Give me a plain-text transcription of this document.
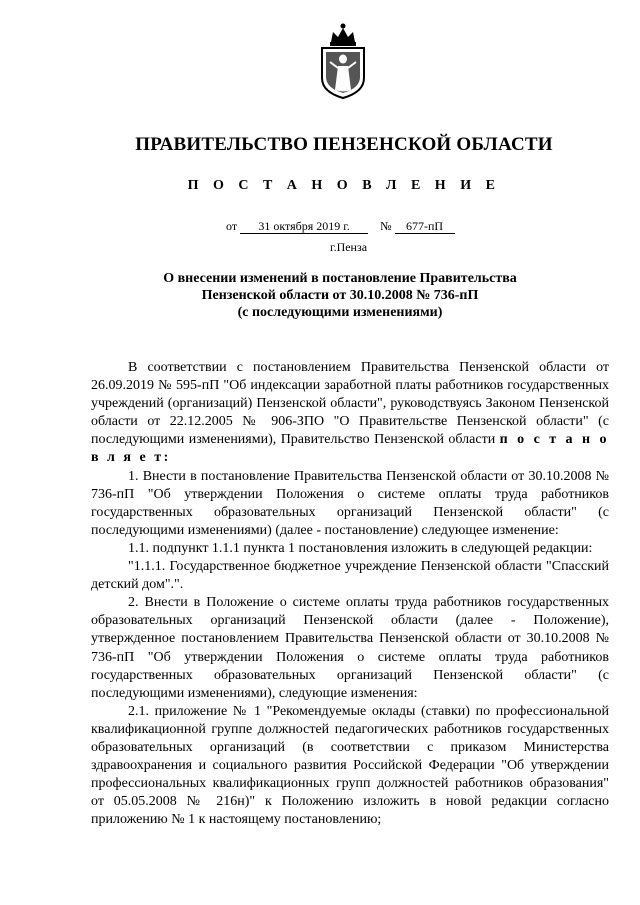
ПРАВИТЕЛЬСТВО ПЕНЗЕНСКОЙ ОБЛАСТИ
П О С Т А Н О В Л Е Н И Е
от 31 октября 2019 г.	№ 677-пП
г.Пенза
О внесении изменений в постановление Правительства
Пензенской области от 30.10.2008 № 736-пП
(с последующими изменениями)

В соответствии с постановлением Правительства Пензенской области от 26.09.2019 № 595-пП "Об индексации заработной платы работников государственных учреждений (организаций) Пензенской области", руководствуясь Законом Пензенской области от 22.12.2005 № 906-ЗПО "О Правительстве Пензенской области" (с последующими изменениями), Правительство Пензенской области п о с т а н о в л я е т:

1. Внести в постановление Правительства Пензенской области от 30.10.2008 № 736-пП "Об утверждении Положения о системе оплаты труда работников государственных образовательных организаций Пензенской области" (с последующими изменениями) (далее - постановление) следующее изменение:

1.1. подпункт 1.1.1 пункта 1 постановления изложить в следующей редакции:

"1.1.1. Государственное бюджетное учреждение Пензенской области "Спасский детский дом".".

2. Внести в Положение о системе оплаты труда работников государственных образовательных организаций Пензенской области (далее - Положение), утвержденное постановлением Правительства Пензенской области от 30.10.2008 № 736-пП "Об утверждении Положения о системе оплаты труда работников государственных образовательных организаций Пензенской области" (с последующими изменениями), следующие изменения:

2.1. приложение № 1 "Рекомендуемые оклады (ставки) по профессиональной квалификационной группе должностей педагогических работников государственных образовательных организаций (в соответствии с приказом Министерства здравоохранения и социального развития Российской Федерации "Об утверждении профессиональных квалификационных групп должностей работников образования" от 05.05.2008 № 216н)" к Положению изложить в новой редакции согласно приложению № 1 к настоящему постановлению;
